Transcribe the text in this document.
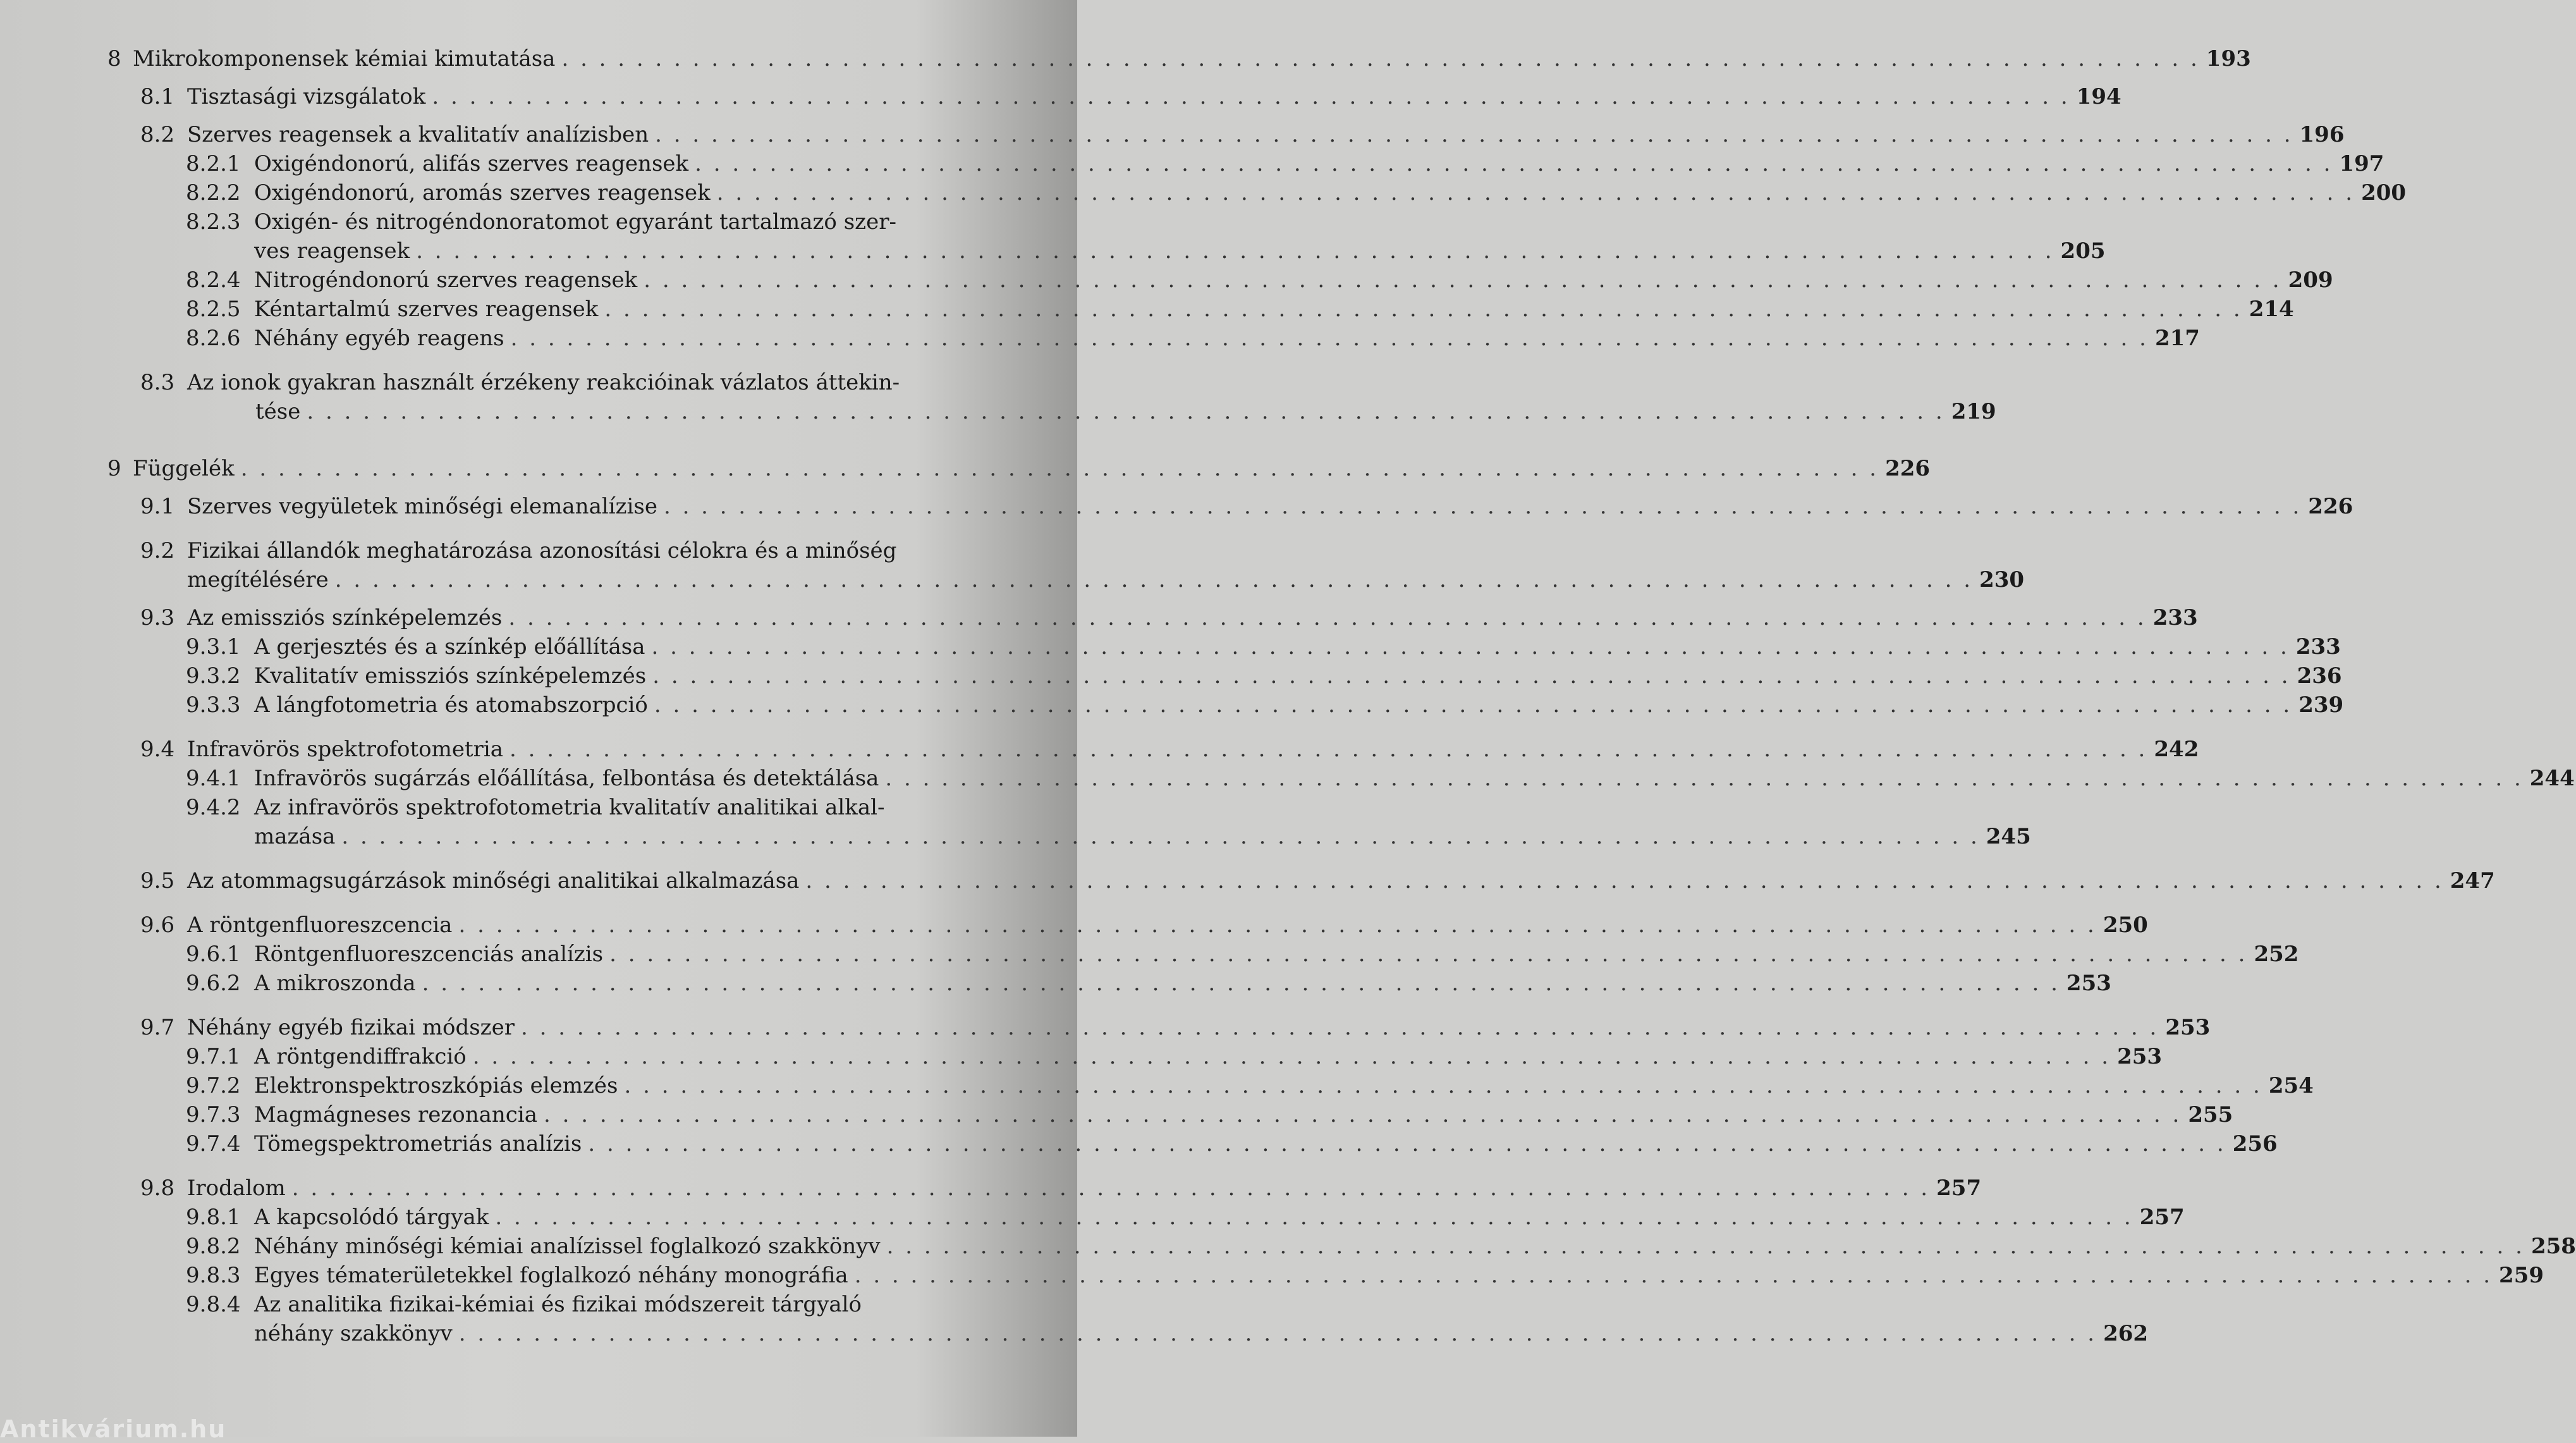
8 Mikrokomponensek kémiai kimutatása . . .	193
8.1 Tisztasági vizsgálatok . . .	194
8.2 Szerves reagensek a kvalitatív analízisben . . .	196
8.2.1 Oxigéndonorú, alifás szerves reagensek . . .	197
8.2.2 Oxigéndonorú, aromás szerves reagensek . . .	200
8.2.3 Oxigén- és nitrogéndonoratomot egyaránt tartalmazó szer-
ves reagensek . . .	205
8.2.4 Nitrogéndonorú szerves reagensek . . .	209
8.2.5 Kéntartalmú szerves reagensek . . .	214
8.2.6 Néhány egyéb reagens . . .	217
8.3 Az ionok gyakran használt érzékeny reakcióinak vázlatos áttekin-
tése . . .	219
9 Függelék . . .	226
9.1 Szerves vegyületek minőségi elemanalízise . . .	226
9.2 Fizikai állandók meghatározása azonosítási célokra és a minőség
megítélésére . . .	230
9.3 Az emissziós színképelemzés . . .	233
9.3.1 A gerjesztés és a színkép előállítása . . .	233
9.3.2 Kvalitatív emissziós színképelemzés . . .	236
9.3.3 A lángfotometria és atomabszorpció . . .	239
9.4 Infravörös spektrofotometria . . .	242
9.4.1 Infravörös sugárzás előállítása, felbontása és detektálása . . .	244
9.4.2 Az infravörös spektrofotometria kvalitatív analitikai alkal-
mazása . . .	245
9.5 Az atommagsugárzások minőségi analitikai alkalmazása . . .	247
9.6 A röntgenfluoreszcencia . . .	250
9.6.1 Röntgenfluoreszcenciás analízis . . .	252
9.6.2 A mikroszonda . . .	253
9.7 Néhány egyéb fizikai módszer . . .	253
9.7.1 A röntgendiffrakció . . .	253
9.7.2 Elektronspektroszkópiás elemzés . . .	254
9.7.3 Magmágneses rezonancia . . .	255
9.7.4 Tömegspektrometriás analízis . . .	256
9.8 Irodalom . . .	257
9.8.1 A kapcsolódó tárgyak . . .	257
9.8.2 Néhány minőségi kémiai analízissel foglalkozó szakkönyv . . .	258
9.8.3 Egyes tématerületekkel foglalkozó néhány monográfia . . .	259
9.8.4 Az analitika fizikai-kémiai és fizikai módszereit tárgyaló
néhány szakkönyv . . .	262
Antikvárium.hu
